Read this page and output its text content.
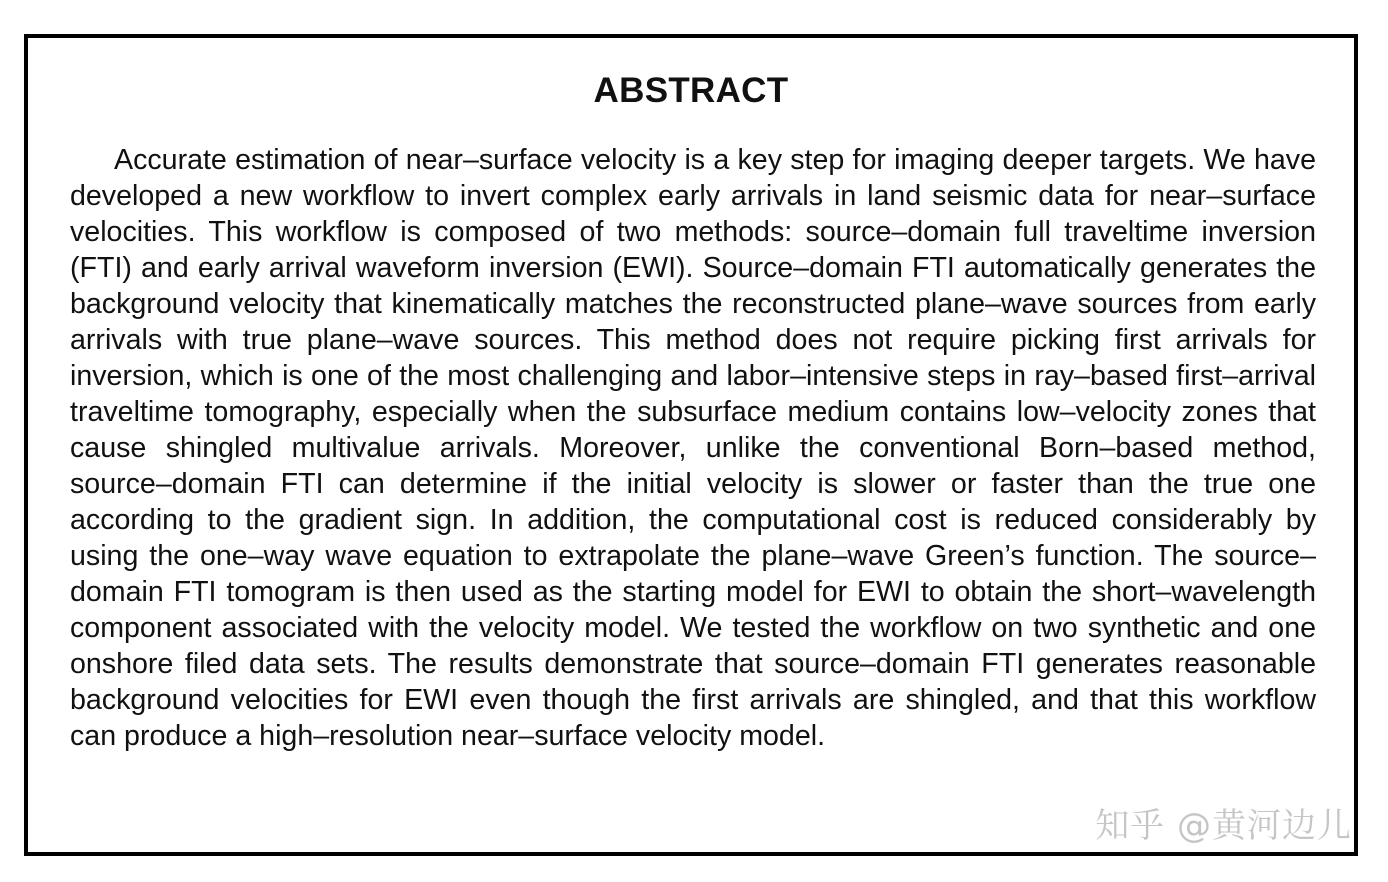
ABSTRACT

Accurate estimation of near–surface velocity is a key step for imaging deeper targets. We have developed a new workflow to invert complex early arrivals in land seismic data for near–surface velocities. This workflow is composed of two methods: source–domain full traveltime inversion (FTI) and early arrival waveform inversion (EWI). Source–domain FTI automatically generates the background velocity that kinematically matches the reconstructed plane–wave sources from early arrivals with true plane–wave sources. This method does not require picking first arrivals for inversion, which is one of the most challenging and labor–intensive steps in ray–based first–arrival traveltime tomography, especially when the subsurface medium contains low–velocity zones that cause shingled multivalue arrivals. Moreover, unlike the conventional Born–based method, source–domain FTI can determine if the initial velocity is slower or faster than the true one according to the gradient sign. In addition, the computational cost is reduced considerably by using the one–way wave equation to extrapolate the plane–wave Green’s function. The source–domain FTI tomogram is then used as the starting model for EWI to obtain the short–wavelength component associated with the velocity model. We tested the workflow on two synthetic and one onshore filed data sets. The results demonstrate that source–domain FTI generates reasonable background velocities for EWI even though the first arrivals are shingled, and that this workflow can produce a high–resolution near–surface velocity model.

知乎 @黄河边儿
